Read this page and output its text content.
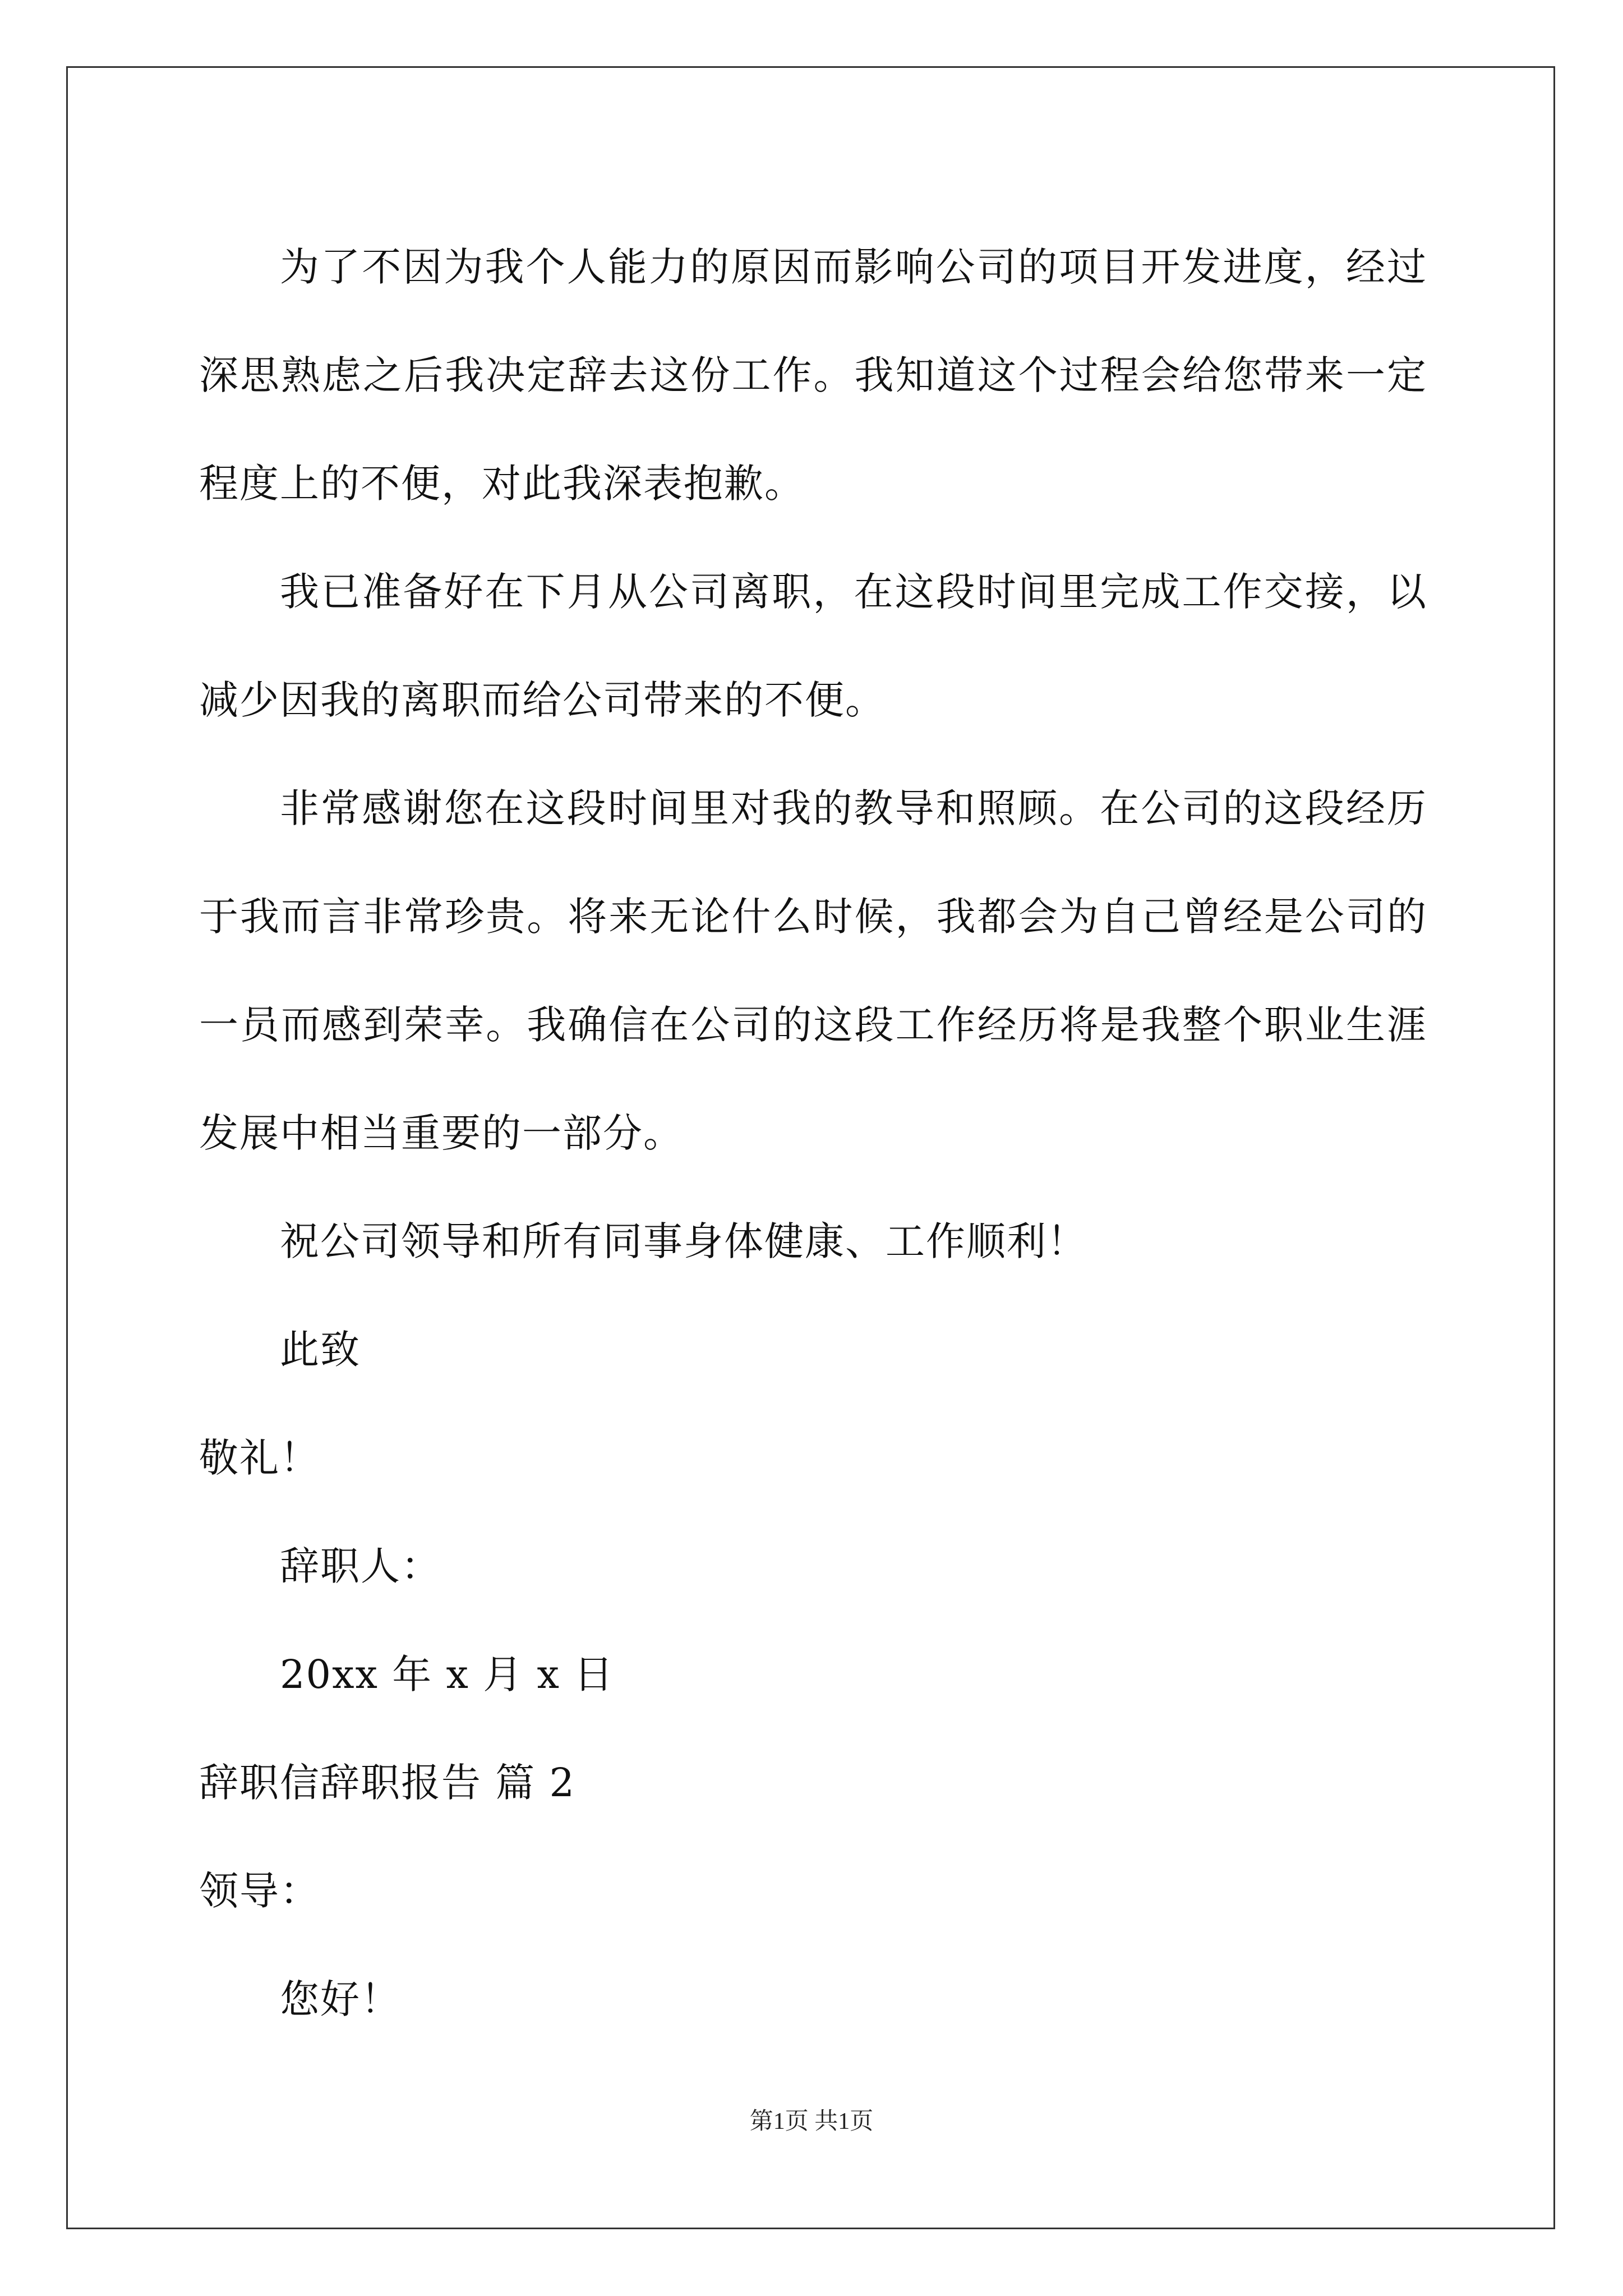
为了不因为我个人能力的原因而影响公司的项目开发进度，经过深思熟虑之后我决定辞去这份工作。我知道这个过程会给您带来一定程度上的不便，对此我深表抱歉。

我已准备好在下月从公司离职，在这段时间里完成工作交接，以减少因我的离职而给公司带来的不便。

非常感谢您在这段时间里对我的教导和照顾。在公司的这段经历于我而言非常珍贵。将来无论什么时候，我都会为自己曾经是公司的一员而感到荣幸。我确信在公司的这段工作经历将是我整个职业生涯发展中相当重要的一部分。

祝公司领导和所有同事身体健康、工作顺利！

此致

敬礼！

辞职人：

20xx 年 x 月 x 日

辞职信辞职报告 篇 2

领导：

您好！

第1页 共1页
